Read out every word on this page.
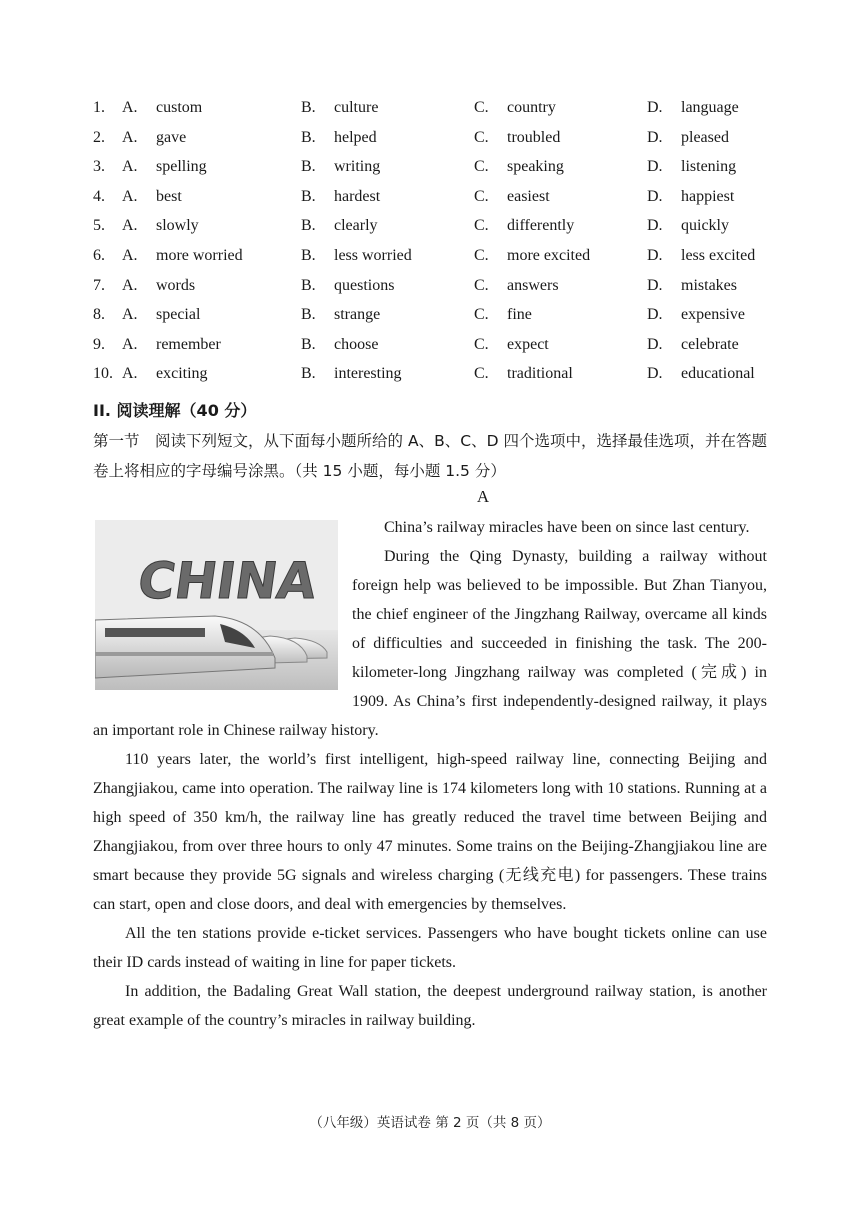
1. A. custom	B. culture	C. country	D. language
2. A. gave	B. helped	C. troubled	D. pleased
3. A. spelling	B. writing	C. speaking	D. listening
4. A. best	B. hardest	C. easiest	D. happiest
5. A. slowly	B. clearly	C. differently	D. quickly
6. A. more worried	B. less worried	C. more excited	D. less excited
7. A. words	B. questions	C. answers	D. mistakes
8. A. special	B. strange	C. fine	D. expensive
9. A. remember	B. choose	C. expect	D. celebrate
10. A. exciting	B. interesting	C. traditional	D. educational
II. 阅读理解（40 分）
第一节　阅读下列短文，从下面每小题所给的 A、B、C、D 四个选项中，选择最佳选项，并在答题卷上将相应的字母编号涂黑。（共 15 小题，每小题 1.5 分）
A
CHINA

China’s railway miracles have been on since last century.

During the Qing Dynasty, building a railway without foreign help was believed to be impossible. But Zhan Tianyou, the chief engineer of the Jingzhang Railway, overcame all kinds of difficulties and succeeded in finishing the task. The 200-kilometer-long Jingzhang railway was completed (完成) in 1909. As China’s first independently-designed railway, it plays an important role in Chinese railway history.

110 years later, the world’s first intelligent, high-speed railway line, connecting Beijing and Zhangjiakou, came into operation. The railway line is 174 kilometers long with 10 stations. Running at a high speed of 350 km/h, the railway line has greatly reduced the travel time between Beijing and Zhangjiakou, from over three hours to only 47 minutes. Some trains on the Beijing-Zhangjiakou line are smart because they provide 5G signals and wireless charging (无线充电) for passengers. These trains can start, open and close doors, and deal with emergencies by themselves.

All the ten stations provide e-ticket services. Passengers who have bought tickets online can use their ID cards instead of waiting in line for paper tickets.

In addition, the Badaling Great Wall station, the deepest underground railway station, is another great example of the country’s miracles in railway building.

（八年级）英语试卷 第 2 页（共 8 页）
